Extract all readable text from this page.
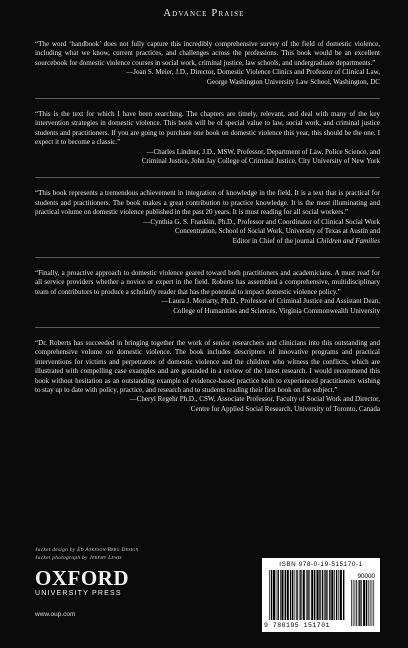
Advance Praise

“The word ‘handbook’ does not fully capture this incredibly comprehensive survey of the field of domestic violence, including what we know, current practices, and challenges across the professions. This book would be an excellent sourcebook for domestic violence courses in social work, criminal justice, law schools, and undergraduate departments.”

—Joan S. Meier, J.D., Director, Domestic Violence Clinics and Professor of Clinical Law,
George Washington University Law School, Washington, DC

“This is the text for which I have been searching. The chapters are timely, relevant, and deal with many of the key intervention strategies in domestic violence. This book will be of special value to law, social work, and criminal justice students and practitioners. If you are going to purchase one book on domestic violence this year, this should be the one. I expect it to become a classic.”

—Charles Lindner, J.D., MSW, Professor, Department of Law, Police Science, and
Criminal Justice, John Jay College of Criminal Justice, City University of New York

“This book represents a tremendous achievement in integration of knowledge in the field. It is a text that is practical for students and practitioners. The book makes a great contribution to practice knowledge. It is the most illuminating and practical volume on domestic violence published in the past 20 years. It is must reading for all social workers.”

—Cynthia G. S. Franklin, Ph.D., Professor and Coordinator of Clinical Social Work
Concentration, School of Social Work, University of Texas at Austin and
Editor in Chief of the journal Children and Families

“Finally, a proactive approach to domestic violence geared toward both practitioners and academicians. A must read for all service providers whether a novice or expert in the field. Roberts has assembled a comprehensive, multidisciplinary team of contributors to produce a scholarly reader that has the potential to impact domestic violence policy.”

—Laura J. Moriarty, Ph.D., Professor of Criminal Justice and Assistant Dean,
College of Humanities and Sciences, Virginia Commonwealth University

“Dr. Roberts has succeeded in bringing together the work of senior researchers and clinicians into this outstanding and comprehensive volume on domestic violence. The book includes descriptors of innovative programs and practical interventions for victims and perpetrators of domestic violence and the children who witness the conflicts, which are illustrated with compelling case examples and are grounded in a review of the latest research. I would recommend this book without hesitation as an outstanding example of evidence-based practice both to experienced practitioners wishing to stay up to date with policy, practice, and research and to students reading their first book on the subject.”

—Cheryl Regehr Ph.D., CSW, Associate Professor, Faculty of Social Work and Director,
Centre for Applied Social Research, University of Toronto, Canada

Jacket design by Ed Atkeson/Berg Design
Jacket photograph by Jeremy Lewis
OXFORD
UNIVERSITY PRESS
www.oup.com
ISBN 978-0-19-515170-1
90000
9 780195 151701
